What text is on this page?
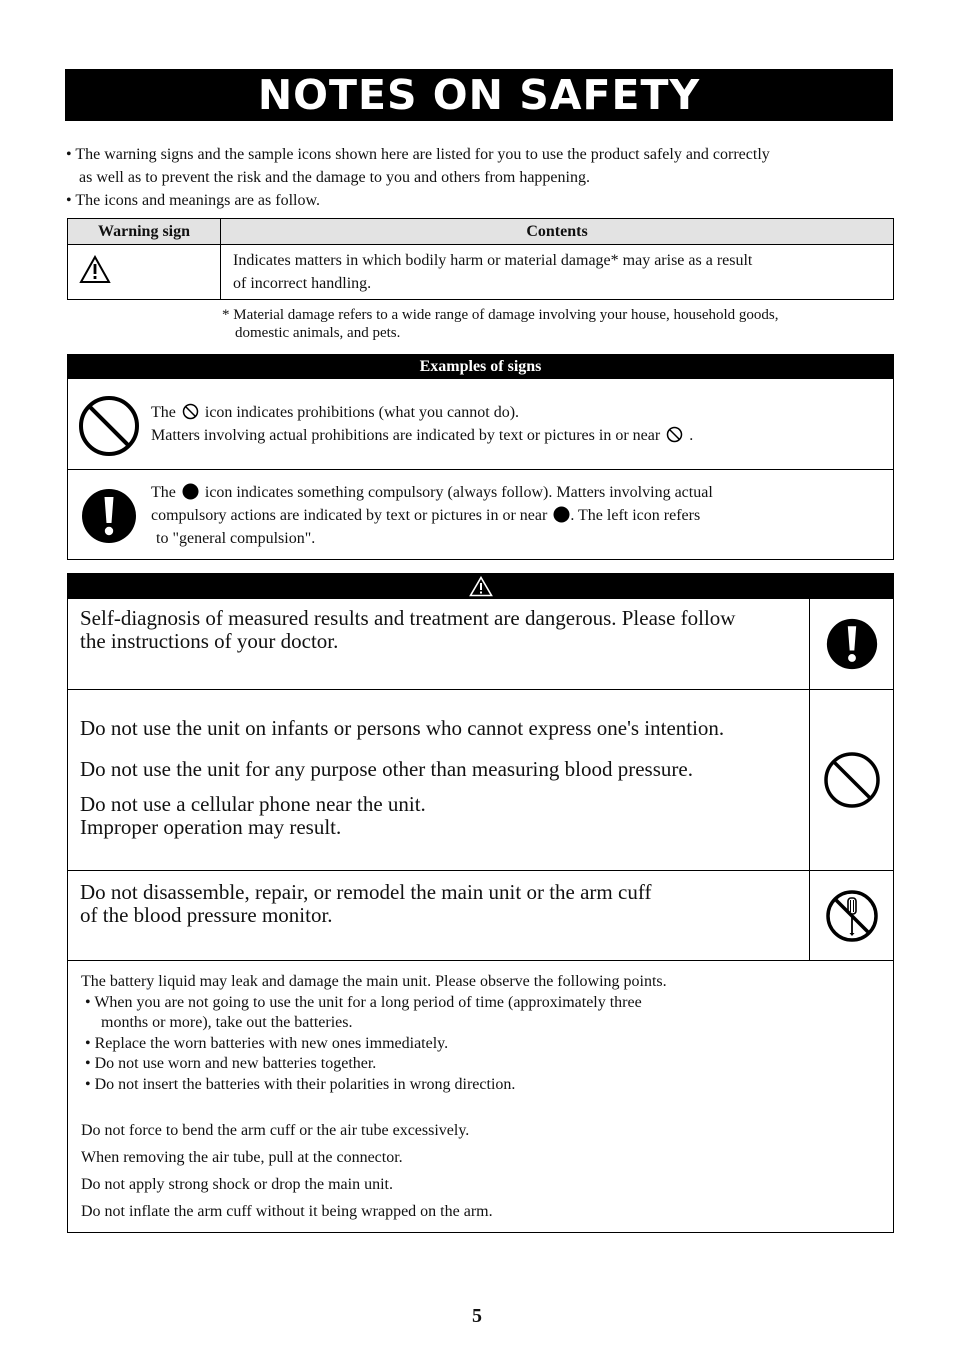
NOTES ON SAFETY

• The warning signs and the sample icons shown here are listed for you to use the product safely and correctly

as well as to prevent the risk and the damage to you and others from happening.

• The icons and meanings are as follow.

Warning sign	Contents

Indicates matters in which bodily harm or material damage* may arise as a result
of incorrect handling.
* Material damage refers to a wide range of damage involving your house, household goods,
domestic animals, and pets.
Examples of signs
The icon indicates prohibitions (what you cannot do).
Matters involving actual prohibitions are indicated by text or pictures in or near .
The icon indicates something compulsory (always follow). Matters involving actual
compulsory actions are indicated by text or pictures in or near . The left icon refers
to "general compulsion".

Self-diagnosis of measured results and treatment are dangerous. Please follow

the instructions of your doctor.

Do not use the unit on infants or persons who cannot express one's intention.

Do not use the unit for any purpose other than measuring blood pressure.

Do not use a cellular phone near the unit.

Improper operation may result.

Do not disassemble, repair, or remodel the main unit or the arm cuff

of the blood pressure monitor.

The battery liquid may leak and damage the main unit. Please observe the following points.

• When you are not going to use the unit for a long period of time (approximately three

months or more), take out the batteries.

• Replace the worn batteries with new ones immediately.

• Do not use worn and new batteries together.

• Do not insert the batteries with their polarities in wrong direction.

Do not force to bend the arm cuff or the air tube excessively.

When removing the air tube, pull at the connector.

Do not apply strong shock or drop the main unit.

Do not inflate the arm cuff without it being wrapped on the arm.

5
